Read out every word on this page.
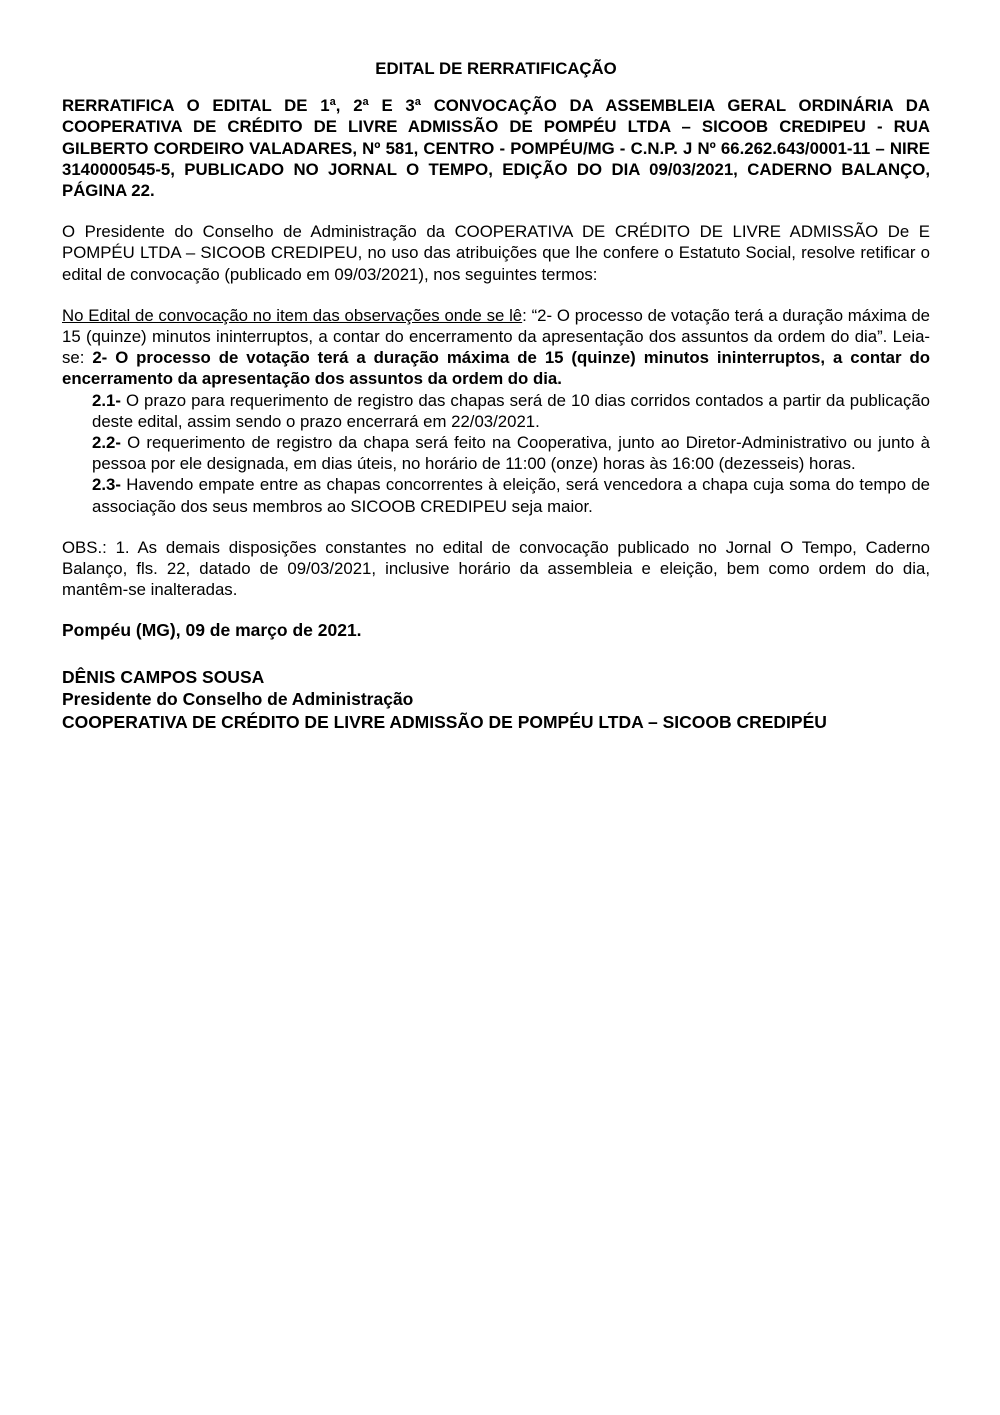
EDITAL DE RERRATIFICAÇÃO
RERRATIFICA O EDITAL DE 1ª, 2ª E 3ª CONVOCAÇÃO DA ASSEMBLEIA GERAL ORDINÁRIA DA COOPERATIVA DE CRÉDITO DE LIVRE ADMISSÃO DE POMPÉU LTDA – SICOOB CREDIPEU - RUA GILBERTO CORDEIRO VALADARES, Nº 581, CENTRO - POMPÉU/MG - C.N.P. J Nº 66.262.643/0001-11 – NIRE 3140000545-5, PUBLICADO NO JORNAL O TEMPO, EDIÇÃO DO DIA 09/03/2021, CADERNO BALANÇO, PÁGINA 22.
O Presidente do Conselho de Administração da COOPERATIVA DE CRÉDITO DE LIVRE ADMISSÃO De E POMPÉU LTDA – SICOOB CREDIPEU, no uso das atribuições que lhe confere o Estatuto Social, resolve retificar o edital de convocação (publicado em 09/03/2021), nos seguintes termos:
No Edital de convocação no item das observações onde se lê: “2- O processo de votação terá a duração máxima de 15 (quinze) minutos ininterruptos, a contar do encerramento da apresentação dos assuntos da ordem do dia”. Leia-se: 2- O processo de votação terá a duração máxima de 15 (quinze) minutos ininterruptos, a contar do encerramento da apresentação dos assuntos da ordem do dia.
2.1- O prazo para requerimento de registro das chapas será de 10 dias corridos contados a partir da publicação deste edital, assim sendo o prazo encerrará em 22/03/2021.
2.2- O requerimento de registro da chapa será feito na Cooperativa, junto ao Diretor-Administrativo ou junto à pessoa por ele designada, em dias úteis, no horário de 11:00 (onze) horas às 16:00 (dezesseis) horas.
2.3- Havendo empate entre as chapas concorrentes à eleição, será vencedora a chapa cuja soma do tempo de associação dos seus membros ao SICOOB CREDIPEU seja maior.
OBS.: 1. As demais disposições constantes no edital de convocação publicado no Jornal O Tempo, Caderno Balanço, fls. 22, datado de 09/03/2021, inclusive horário da assembleia e eleição, bem como ordem do dia, mantêm-se inalteradas.
Pompéu (MG), 09 de março de 2021.
DÊNIS CAMPOS SOUSA
Presidente do Conselho de Administração
COOPERATIVA DE CRÉDITO DE LIVRE ADMISSÃO DE POMPÉU LTDA – SICOOB CREDIPÉU
